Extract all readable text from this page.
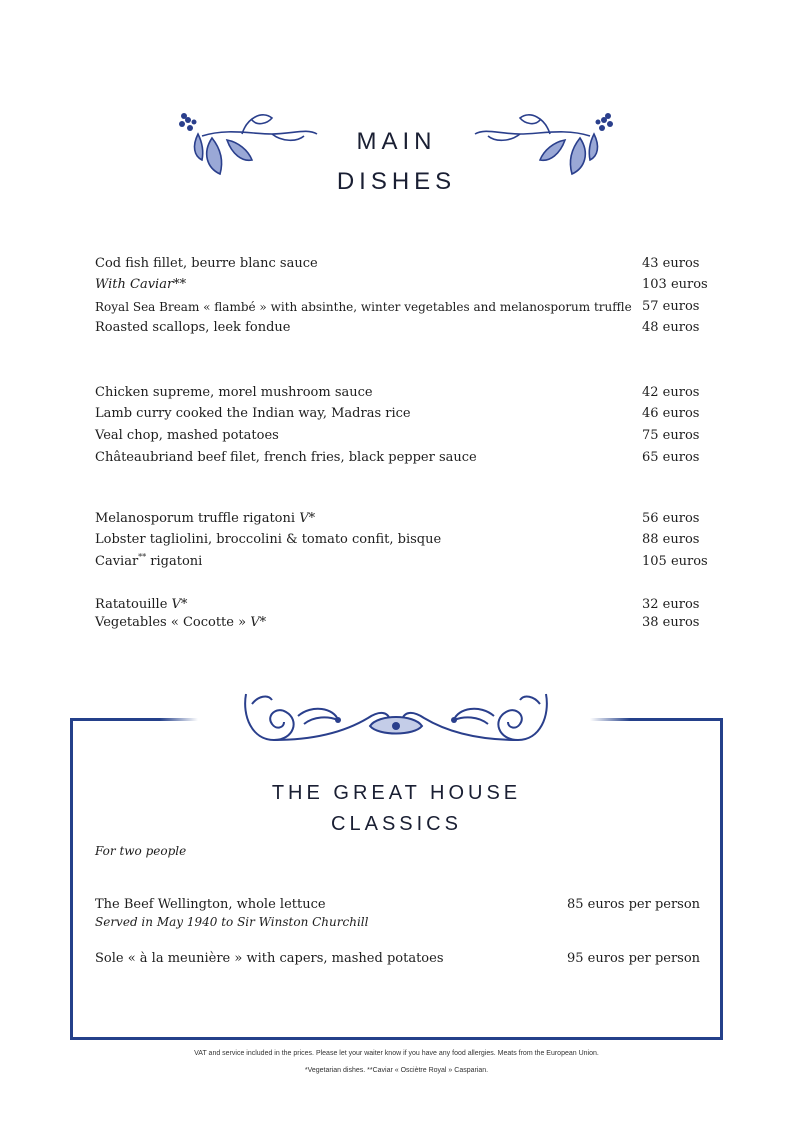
MAIN
DISHES
Cod fish fillet, beurre blanc sauce	43 euros
With Caviar**	103 euros
Royal Sea Bream « flambé » with absinthe, winter vegetables and melanosporum truffle 57 euros
Roasted scallops, leek fondue	48 euros
Chicken supreme, morel mushroom sauce	42 euros
Lamb curry cooked the Indian way, Madras rice	46 euros
Veal chop, mashed potatoes	75 euros
Châteaubriand beef filet, french fries, black pepper sauce	65 euros
Melanosporum truffle rigatoni V*	56 euros
Lobster tagliolini, broccolini & tomato confit, bisque	88 euros
Caviar** rigatoni	105 euros
Ratatouille V*	32 euros
Vegetables « Cocotte » V*	38 euros
THE GREAT HOUSE
CLASSICS
For two people
The Beef Wellington, whole lettuce	85 euros per person
Served in May 1940 to Sir Winston Churchill
Sole « à la meunière » with capers, mashed potatoes	95 euros per person
VAT and service included in the prices. Please let your waiter know if you have any food allergies. Meats from the European Union.
*Vegetarian dishes. **Caviar « Osciètre Royal » Casparian.
